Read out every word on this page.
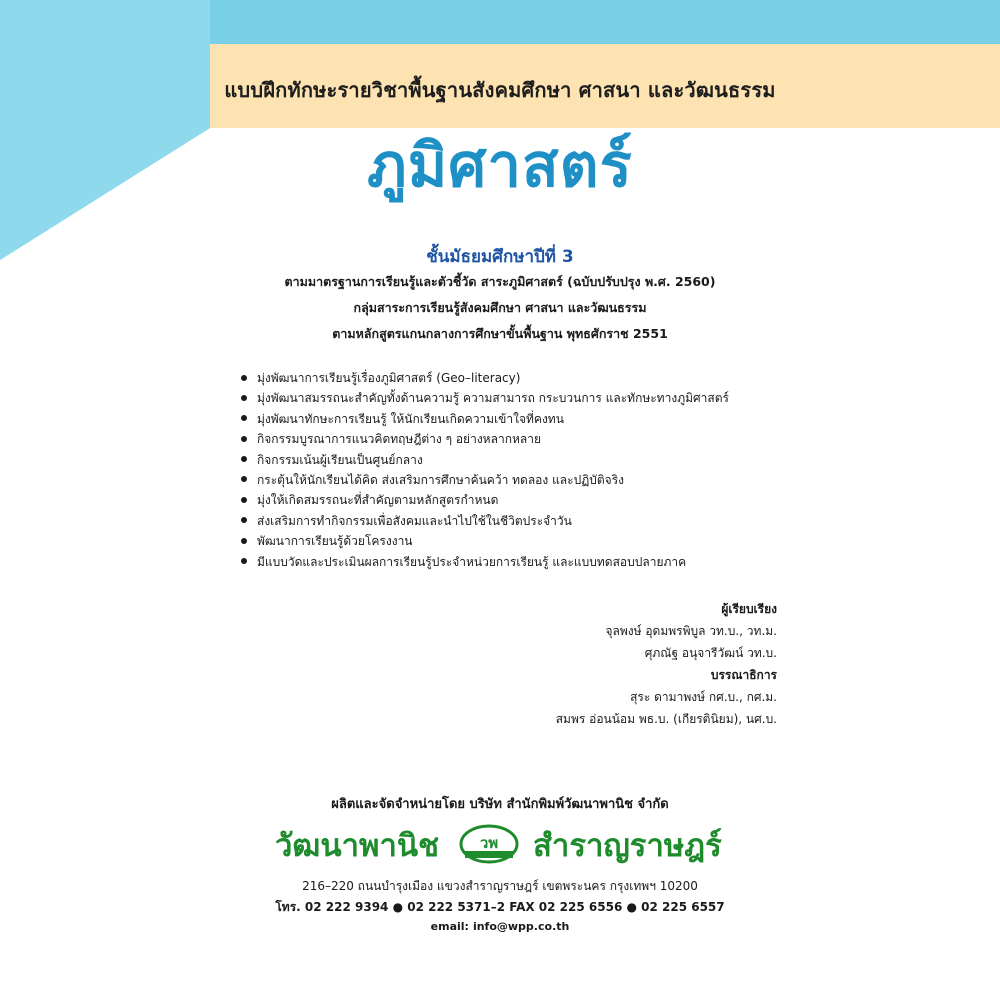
แบบฝึกทักษะรายวิชาพื้นฐานสังคมศึกษา ศาสนา และวัฒนธรรม
ภูมิศาสตร์
ชั้นมัธยมศึกษาปีที่ 3
ตามมาตรฐานการเรียนรู้และตัวชี้วัด สาระภูมิศาสตร์ (ฉบับปรับปรุง พ.ศ. 2560)
กลุ่มสาระการเรียนรู้สังคมศึกษา ศาสนา และวัฒนธรรม
ตามหลักสูตรแกนกลางการศึกษาขั้นพื้นฐาน พุทธศักราช 2551
มุ่งพัฒนาการเรียนรู้เรื่องภูมิศาสตร์ (Geo–literacy)
มุ่งพัฒนาสมรรถนะสำคัญทั้งด้านความรู้ ความสามารถ กระบวนการ และทักษะทางภูมิศาสตร์
มุ่งพัฒนาทักษะการเรียนรู้ ให้นักเรียนเกิดความเข้าใจที่คงทน
กิจกรรมบูรณาการแนวคิดทฤษฎีต่าง ๆ อย่างหลากหลาย
กิจกรรมเน้นผู้เรียนเป็นศูนย์กลาง
กระตุ้นให้นักเรียนได้คิด ส่งเสริมการศึกษาค้นคว้า ทดลอง และปฏิบัติจริง
มุ่งให้เกิดสมรรถนะที่สำคัญตามหลักสูตรกำหนด
ส่งเสริมการทำกิจกรรมเพื่อสังคมและนำไปใช้ในชีวิตประจำวัน
พัฒนาการเรียนรู้ด้วยโครงงาน
มีแบบวัดและประเมินผลการเรียนรู้ประจำหน่วยการเรียนรู้ และแบบทดสอบปลายภาค
ผู้เรียบเรียง
จุลพงษ์ อุดมพรพิบูล วท.บ., วท.ม.
ศุภณัฐ อนุจารีวัฒน์ วท.บ.
บรรณาธิการ
สุระ ดามาพงษ์ กศ.บ., กศ.ม.
สมพร อ่อนน้อม พธ.บ. (เกียรตินิยม), นศ.บ.
ผลิตและจัดจำหน่ายโดย บริษัท สำนักพิมพ์วัฒนาพานิช จำกัด
วัฒนาพานิช	วพ สำราญราษฎร์
216–220 ถนนบำรุงเมือง แขวงสำราญราษฎร์ เขตพระนคร กรุงเทพฯ 10200
โทร. 02 222 9394 ● 02 222 5371–2 FAX 02 225 6556 ● 02 225 6557
email: info@wpp.co.th
